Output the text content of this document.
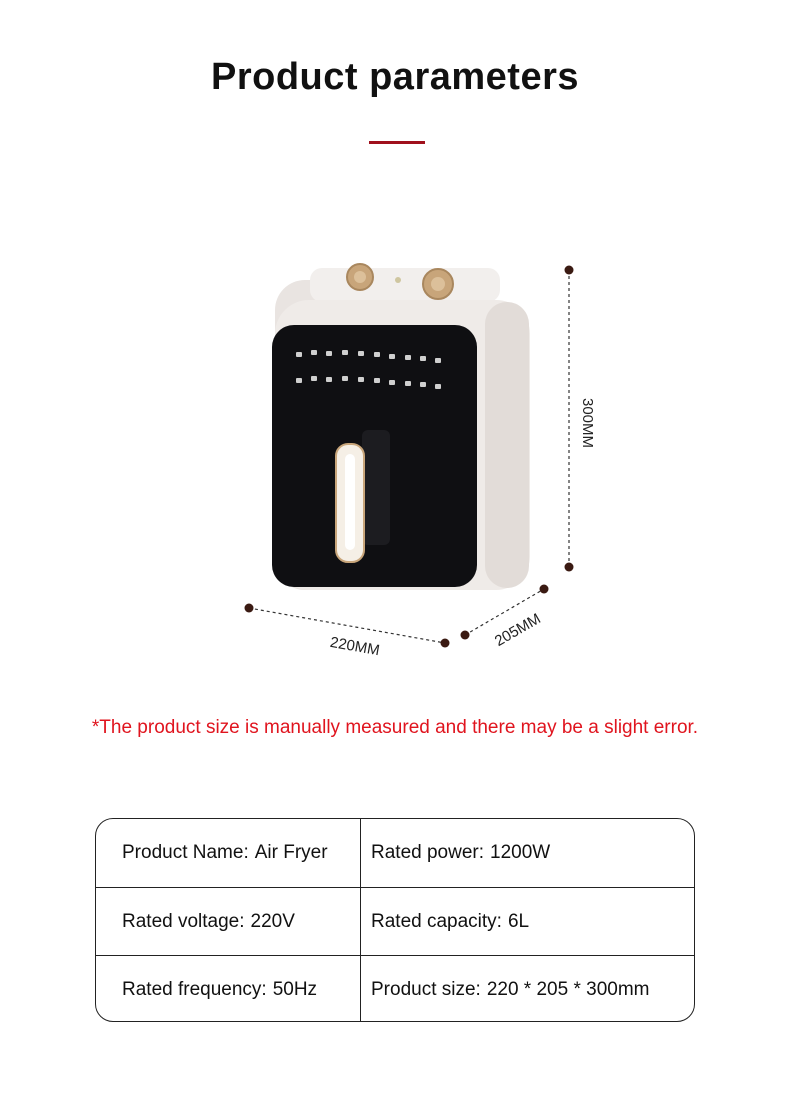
Product parameters
300MM
220MM	205MM
*The product size is manually measured and there may be a slight error.
Product Name: Air Fryer Rated power: 1200W
Rated voltage: 220V	Rated capacity: 6L
Rated frequency: 50Hz	Product size: 220 * 205 * 300mm
